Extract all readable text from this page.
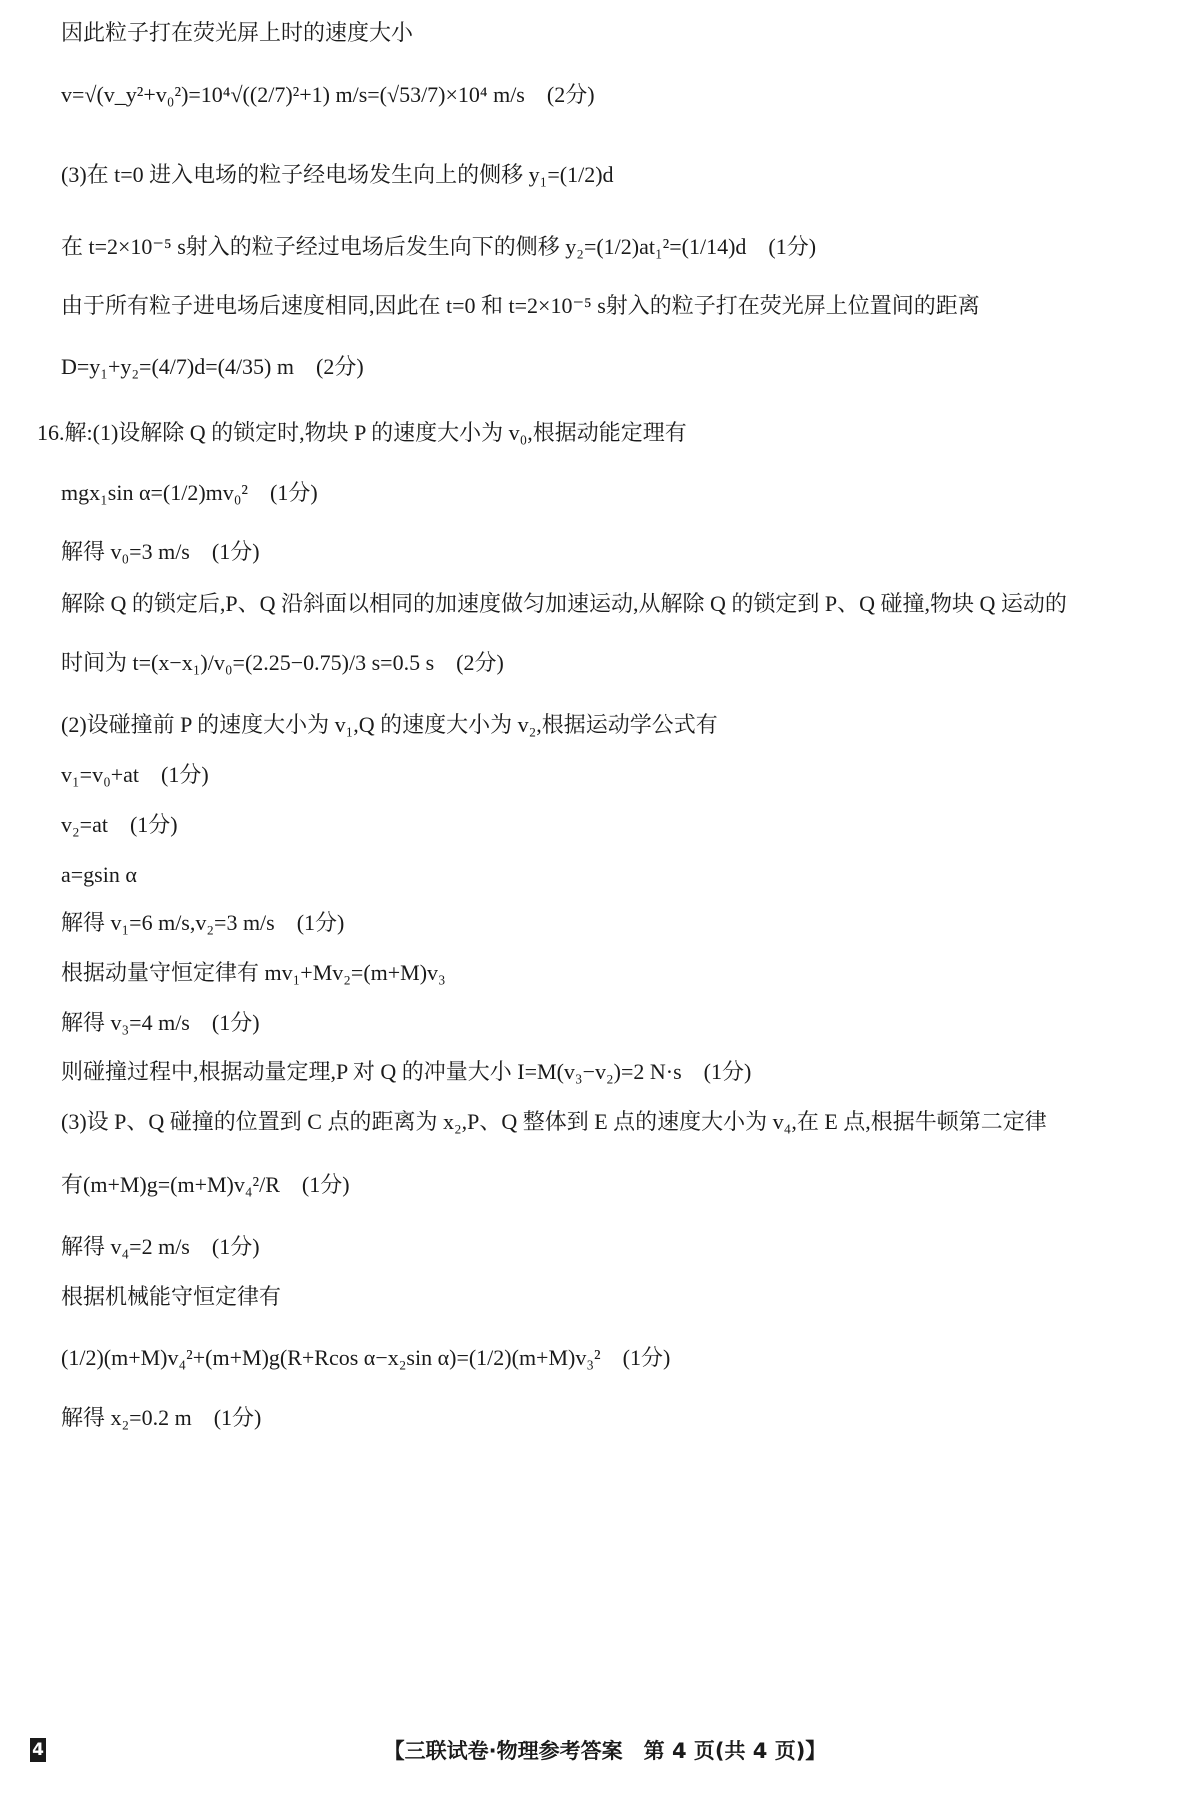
因此粒子打在荧光屏上时的速度大小
v=√(v_y²+v₀²)=10⁴√((2/7)²+1) m/s=(√53/7)×10⁴ m/s　(2分)
(3)在 t=0 进入电场的粒子经电场发生向上的侧移 y₁=(1/2)d
在 t=2×10⁻⁵ s射入的粒子经过电场后发生向下的侧移 y₂=(1/2)at₁²=(1/14)d　(1分)
由于所有粒子进电场后速度相同,因此在 t=0 和 t=2×10⁻⁵ s射入的粒子打在荧光屏上位置间的距离
D=y₁+y₂=(4/7)d=(4/35) m　(2分)
16.解:(1)设解除 Q 的锁定时,物块 P 的速度大小为 v₀,根据动能定理有
mgx₁sin α=(1/2)mv₀²　(1分)
解得 v₀=3 m/s　(1分)
解除 Q 的锁定后,P、Q 沿斜面以相同的加速度做匀加速运动,从解除 Q 的锁定到 P、Q 碰撞,物块 Q 运动的
时间为 t=(x−x₁)/v₀=(2.25−0.75)/3 s=0.5 s　(2分)
(2)设碰撞前 P 的速度大小为 v₁,Q 的速度大小为 v₂,根据运动学公式有
v₁=v₀+at　(1分)
v₂=at　(1分)
a=gsin α
解得 v₁=6 m/s,v₂=3 m/s　(1分)
根据动量守恒定律有 mv₁+Mv₂=(m+M)v₃
解得 v₃=4 m/s　(1分)
则碰撞过程中,根据动量定理,P 对 Q 的冲量大小 I=M(v₃−v₂)=2 N·s　(1分)
(3)设 P、Q 碰撞的位置到 C 点的距离为 x₂,P、Q 整体到 E 点的速度大小为 v₄,在 E 点,根据牛顿第二定律
有(m+M)g=(m+M)v₄²/R　(1分)
解得 v₄=2 m/s　(1分)
根据机械能守恒定律有
(1/2)(m+M)v₄²+(m+M)g(R+Rcos α−x₂sin α)=(1/2)(m+M)v₃²　(1分)
解得 x₂=0.2 m　(1分)
4	【三联试卷·物理参考答案　第 4 页(共 4 页)】
